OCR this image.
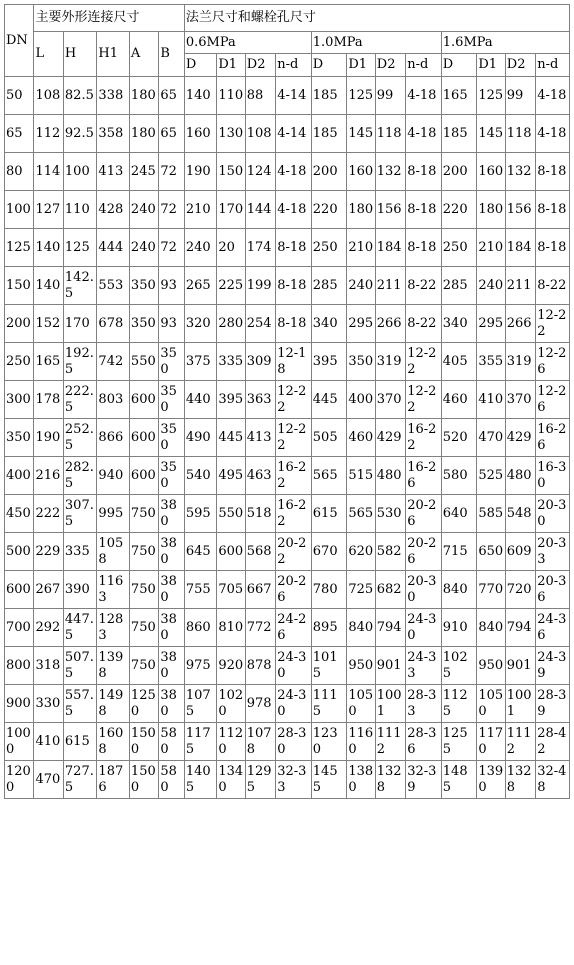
DN	主要外形连接尺寸					法兰尺寸和螺栓孔尺寸											
	L	H	H1	A	B	0.6MPa				1.0MPa				1.6MPa			
						D	D1	D2	n-d	D	D1	D2	n-d	D	D1	D2	n-d
50	108	82.5	338	180	65	140	110	88	4-14	185	125	99	4-18	165	125	99	4-18
65	112	92.5	358	180	65	160	130	108	4-14	185	145	118	4-18	185	145	118	4-18
80	114	100	413	245	72	190	150	124	4-18	200	160	132	8-18	200	160	132	8-18
100	127	110	428	240	72	210	170	144	4-18	220	180	156	8-18	220	180	156	8-18
125	140	125	444	240	72	240	20	174	8-18	250	210	184	8-18	250	210	184	8-18
150	140	142.5	553	350	93	265	225	199	8-18	285	240	211	8-22	285	240	211	8-22
200	152	170	678	350	93	320	280	254	8-18	340	295	266	8-22	340	295	266	12-22
250	165	192.5	742	550	350	375	335	309	12-18	395	350	319	12-22	405	355	319	12-26
300	178	222.5	803	600	350	440	395	363	12-22	445	400	370	12-22	460	410	370	12-26
350	190	252.5	866	600	350	490	445	413	12-22	505	460	429	16-22	520	470	429	16-26
400	216	282.5	940	600	350	540	495	463	16-22	565	515	480	16-26	580	525	480	16-30
450	222	307.5	995	750	380	595	550	518	16-22	615	565	530	20-26	640	585	548	20-30
500	229	335	1058	750	380	645	600	568	20-22	670	620	582	20-26	715	650	609	20-33
600	267	390	1163	750	380	755	705	667	20-26	780	725	682	20-30	840	770	720	20-36
700	292	447.5	1283	750	380	860	810	772	24-26	895	840	794	24-30	910	840	794	24-36
800	318	507.5	1398	750	380	975	920	878	24-30	1015	950	901	24-33	1025	950	901	24-39
900	330	557.5	1498	1250	380	1075	1020	978	24-30	1115	1050	1001	28-33	1125	1050	1001	28-39
1000	410	615	1608	1500	580	1175	1120	1078	28-30	1230	1160	1112	28-36	1255	1170	1112	28-42
1200	470	727.5	1876	1500	580	1405	1340	1295	32-33	1455	1380	1328	32-39	1485	1390	1328	32-48
